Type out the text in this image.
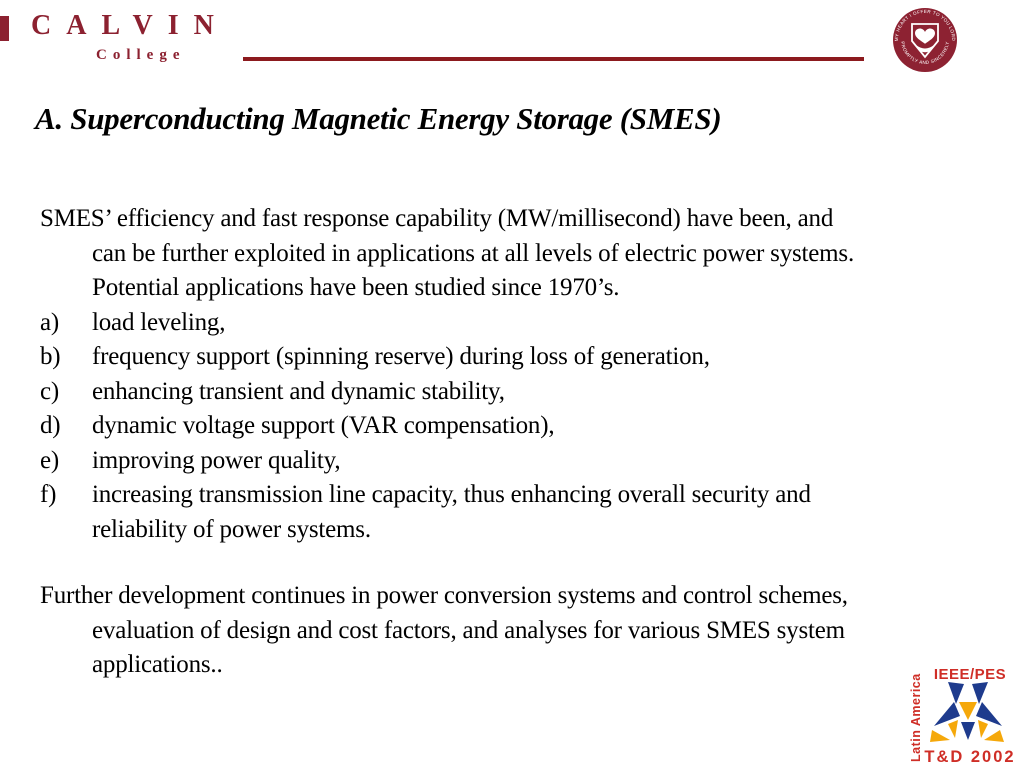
CALVIN
College
MY HEART I OFFER TO YOU LORD
PROMPTLY AND SINCERELY
A. Superconducting Magnetic Energy Storage (SMES)
SMES’ efficiency and fast response capability (MW/millisecond) have been, and
can be further exploited in applications at all levels of electric power systems.
Potential applications have been studied since 1970’s.
a) load leveling,
b) frequency support (spinning reserve) during loss of generation,
c) enhancing transient and dynamic stability,
d) dynamic voltage support (VAR compensation),
e) improving power quality,
f) increasing transmission line capacity, thus enhancing overall security and
reliability of power systems.
Further development continues in power conversion systems and control schemes,
evaluation of design and cost factors, and analyses for various SMES system
applications..	IEEE/PES
Latin America T&D 2002
